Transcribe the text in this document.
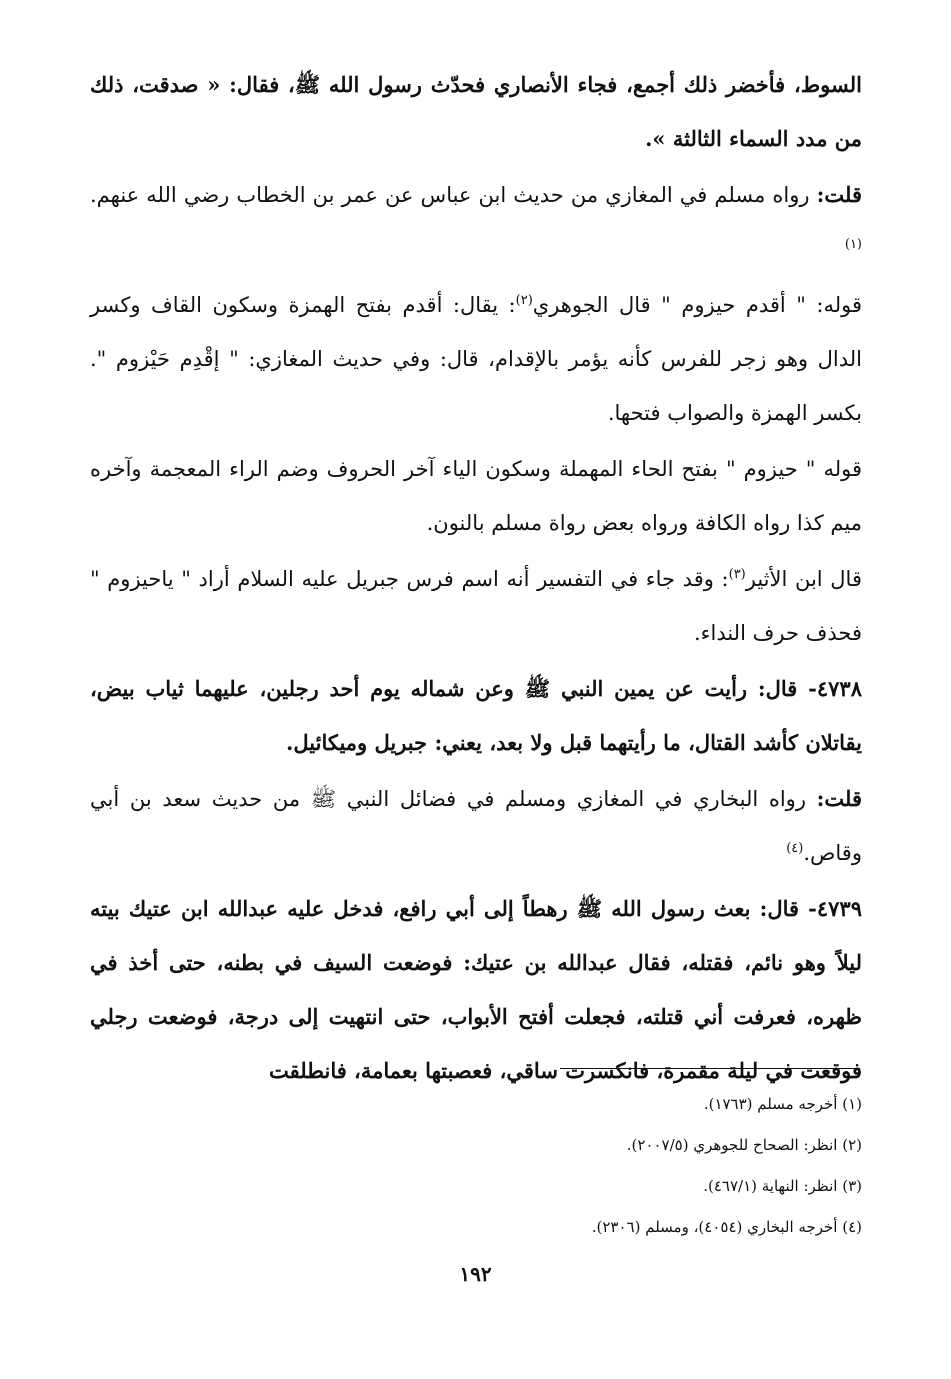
السوط، فأخضر ذلك أجمع، فجاء الأنصاري فحدّث رسول الله ﷺ، فقال: « صدقت، ذلك من مدد السماء الثالثة ».

قلت: رواه مسلم في المغازي من حديث ابن عباس عن عمر بن الخطاب رضي الله عنهم.$^{(١)}$

قوله: " أقدم حيزوم " قال الجوهري$^{(٢)}$: يقال: أقدم بفتح الهمزة وسكون القاف وكسر الدال وهو زجر للفرس كأنه يؤمر بالإقدام، قال: وفي حديث المغازي: " إقْدِم حَيْزوم ". بكسر الهمزة والصواب فتحها.

قوله " حيزوم " بفتح الحاء المهملة وسكون الياء آخر الحروف وضم الراء المعجمة وآخره ميم كذا رواه الكافة ورواه بعض رواة مسلم بالنون.

قال ابن الأثير$^{(٣)}$: وقد جاء في التفسير أنه اسم فرس جبريل عليه السلام أراد " ياحيزوم " فحذف حرف النداء.

٤٧٣٨- قال: رأيت عن يمين النبي ﷺ وعن شماله يوم أحد رجلين، عليهما ثياب بيض، يقاتلان كأشد القتال، ما رأيتهما قبل ولا بعد، يعني: جبريل وميكائيل.

قلت: رواه البخاري في المغازي ومسلم في فضائل النبي ﷺ من حديث سعد بن أبي وقاص.$^{(٤)}$

٤٧٣٩- قال: بعث رسول الله ﷺ رهطاً إلى أبي رافع، فدخل عليه عبدالله ابن عتيك بيته ليلاً وهو نائم، فقتله، فقال عبدالله بن عتيك: فوضعت السيف في بطنه، حتى أخذ في ظهره، فعرفت أني قتلته، فجعلت أفتح الأبواب، حتى انتهيت إلى درجة، فوضعت رجلي فوقعت في ليلة مقمرة، فانكسرت ساقي، فعصبتها بعمامة، فانطلقت

(١) أخرجه مسلم (١٧٦٣).

(٢) انظر: الصحاح للجوهري (٢٠٠٧/٥).

(٣) انظر: النهاية (٤٦٧/١).

(٤) أخرجه البخاري (٤٠٥٤)، ومسلم (٢٣٠٦).

١٩٢
